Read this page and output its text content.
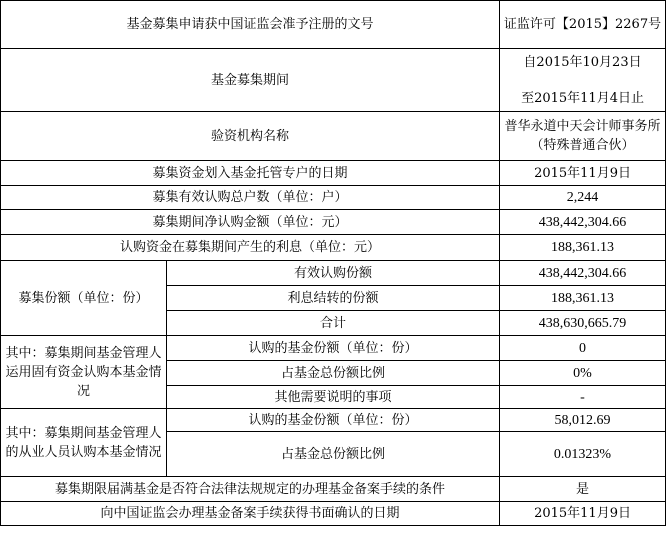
基金募集申请获中国证监会准予注册的文号		证监许可【2015】2267号
基金募集期间		自2015年10月23日
至2015年11月4日止

验资机构名称		普华永道中天会计师事务所（特殊普通合伙）
募集资金划入基金托管专户的日期		2015年11月9日
募集有效认购总户数（单位：户）		2,244
募集期间净认购金额（单位：元）		438,442,304.66
认购资金在募集期间产生的利息（单位：元）		188,361.13
募集份额（单位：份）	有效认购份额	438,442,304.66
	利息结转的份额	188,361.13
	合计	438,630,665.79
其中：募集期间基金管理人运用固有资金认购本基金情况	认购的基金份额（单位：份）	0
	占基金总份额比例	0%
	其他需要说明的事项	-
其中：募集期间基金管理人的从业人员认购本基金情况	认购的基金份额（单位：份）	58,012.69
	占基金总份额比例	0.01323%
募集期限届满基金是否符合法律法规规定的办理基金备案手续的条件		是
向中国证监会办理基金备案手续获得书面确认的日期		2015年11月9日
